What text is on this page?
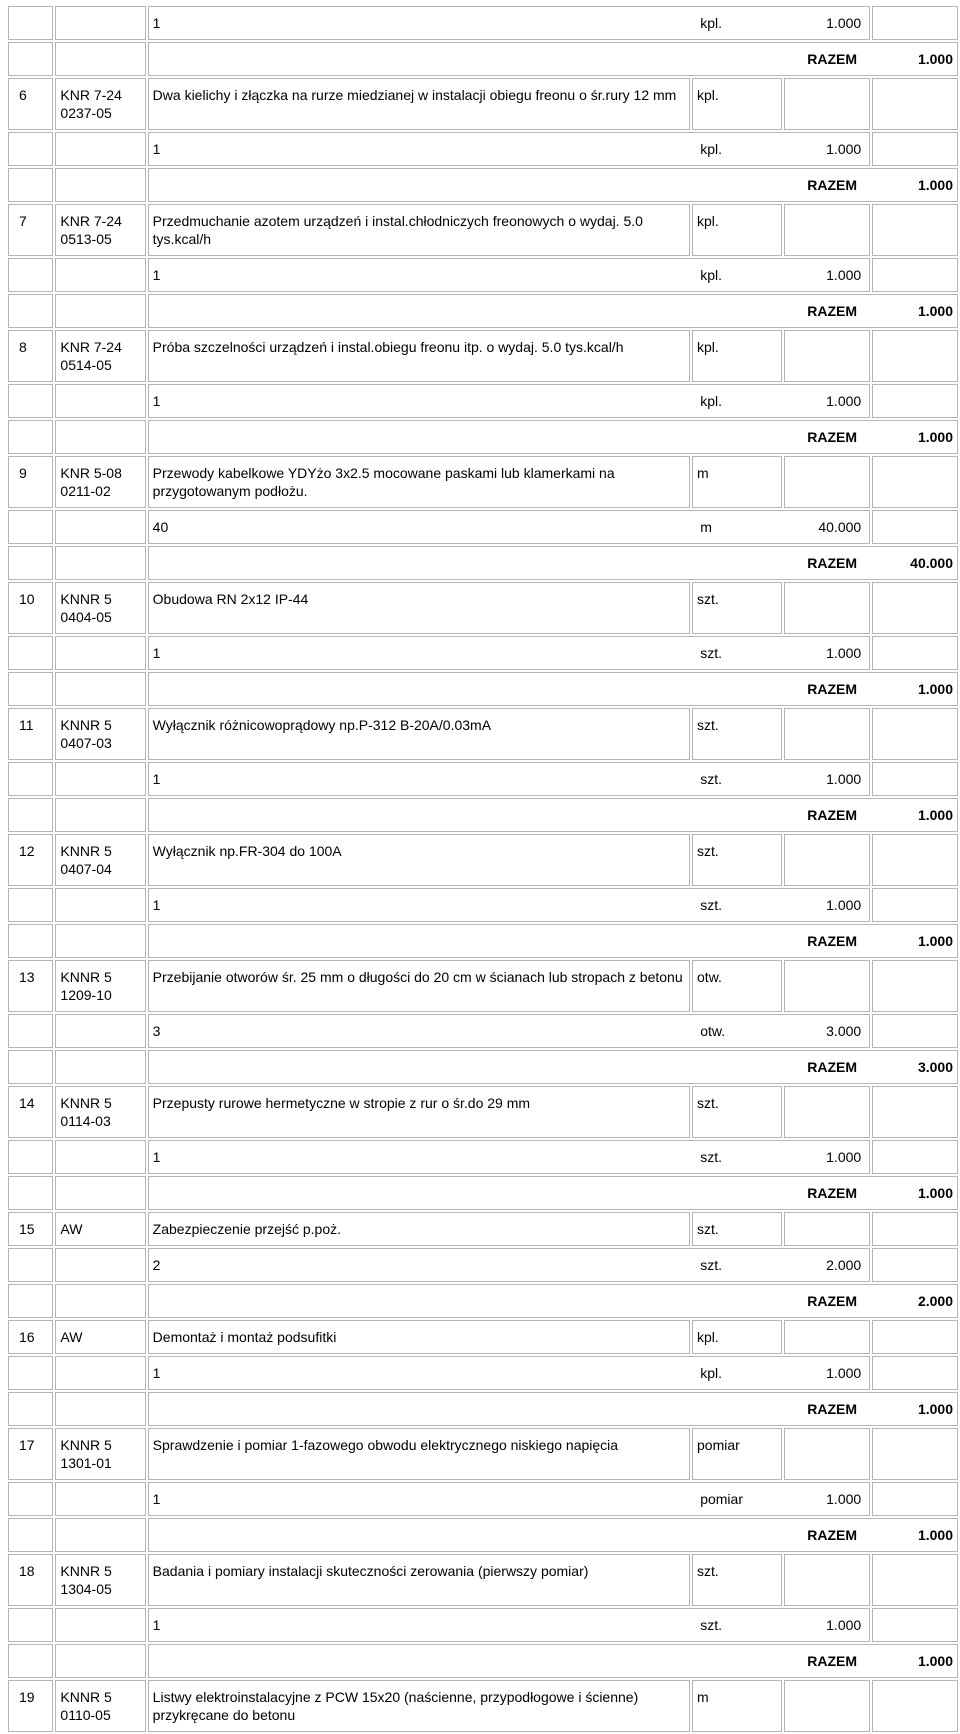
		1 kpl. 1.000			

		RAZEM 1.000			

6	KNR 7-24 0237-05	Dwa kielichy i złączka na rurze miedzianej w instalacji obiegu freonu o śr.rury 12 mm	kpl.		

		1 kpl. 1.000			

		RAZEM 1.000			

7	KNR 7-24 0513-05	Przedmuchanie azotem urządzeń i instal.chłodniczych freonowych o wydaj. 5.0 tys.kcal/h	kpl.		

		1 kpl. 1.000			

		RAZEM 1.000			

8	KNR 7-24 0514-05	Próba szczelności urządzeń i instal.obiegu freonu itp. o wydaj. 5.0 tys.kcal/h	kpl.		

		1 kpl. 1.000			

		RAZEM 1.000			

9	KNR 5-08 0211-02	Przewody kabelkowe YDYżo 3x2.5 mocowane paskami lub klamerkami na przygotowanym podłożu.	m		

		40 m 40.000			

		RAZEM 40.000			

10	KNNR 5 0404-05	Obudowa RN 2x12 IP-44	szt.		

		1 szt. 1.000			

		RAZEM 1.000			

11	KNNR 5 0407-03	Wyłącznik różnicowoprądowy np.P-312 B-20A/0.03mA	szt.		

		1 szt. 1.000			

		RAZEM 1.000			

12	KNNR 5 0407-04	Wyłącznik np.FR-304 do 100A	szt.		

		1 szt. 1.000			

		RAZEM 1.000			

13	KNNR 5 1209-10	Przebijanie otworów śr. 25 mm o długości do 20 cm w ścianach lub stropach z betonu	otw.		

		3 otw. 3.000			

		RAZEM 3.000			

14	KNNR 5 0114-03	Przepusty rurowe hermetyczne w stropie z rur o śr.do 29 mm	szt.		

		1 szt. 1.000			

		RAZEM 1.000			

15	AW	Zabezpieczenie przejść p.poż.	szt.		

		2 szt. 2.000			

		RAZEM 2.000			

16	AW	Demontaż i montaż podsufitki	kpl.		

		1 kpl. 1.000			

		RAZEM 1.000			

17	KNNR 5 1301-01	Sprawdzenie i pomiar 1-fazowego obwodu elektrycznego niskiego napięcia	pomiar		

		1 pomiar 1.000			

		RAZEM 1.000			

18	KNNR 5 1304-05	Badania i pomiary instalacji skuteczności zerowania (pierwszy pomiar)	szt.		

		1 szt. 1.000			

		RAZEM 1.000			

19	KNNR 5 0110-05	Listwy elektroinstalacyjne z PCW 15x20 (naścienne, przypodłogowe i ścienne) przykręcane do betonu	m		
